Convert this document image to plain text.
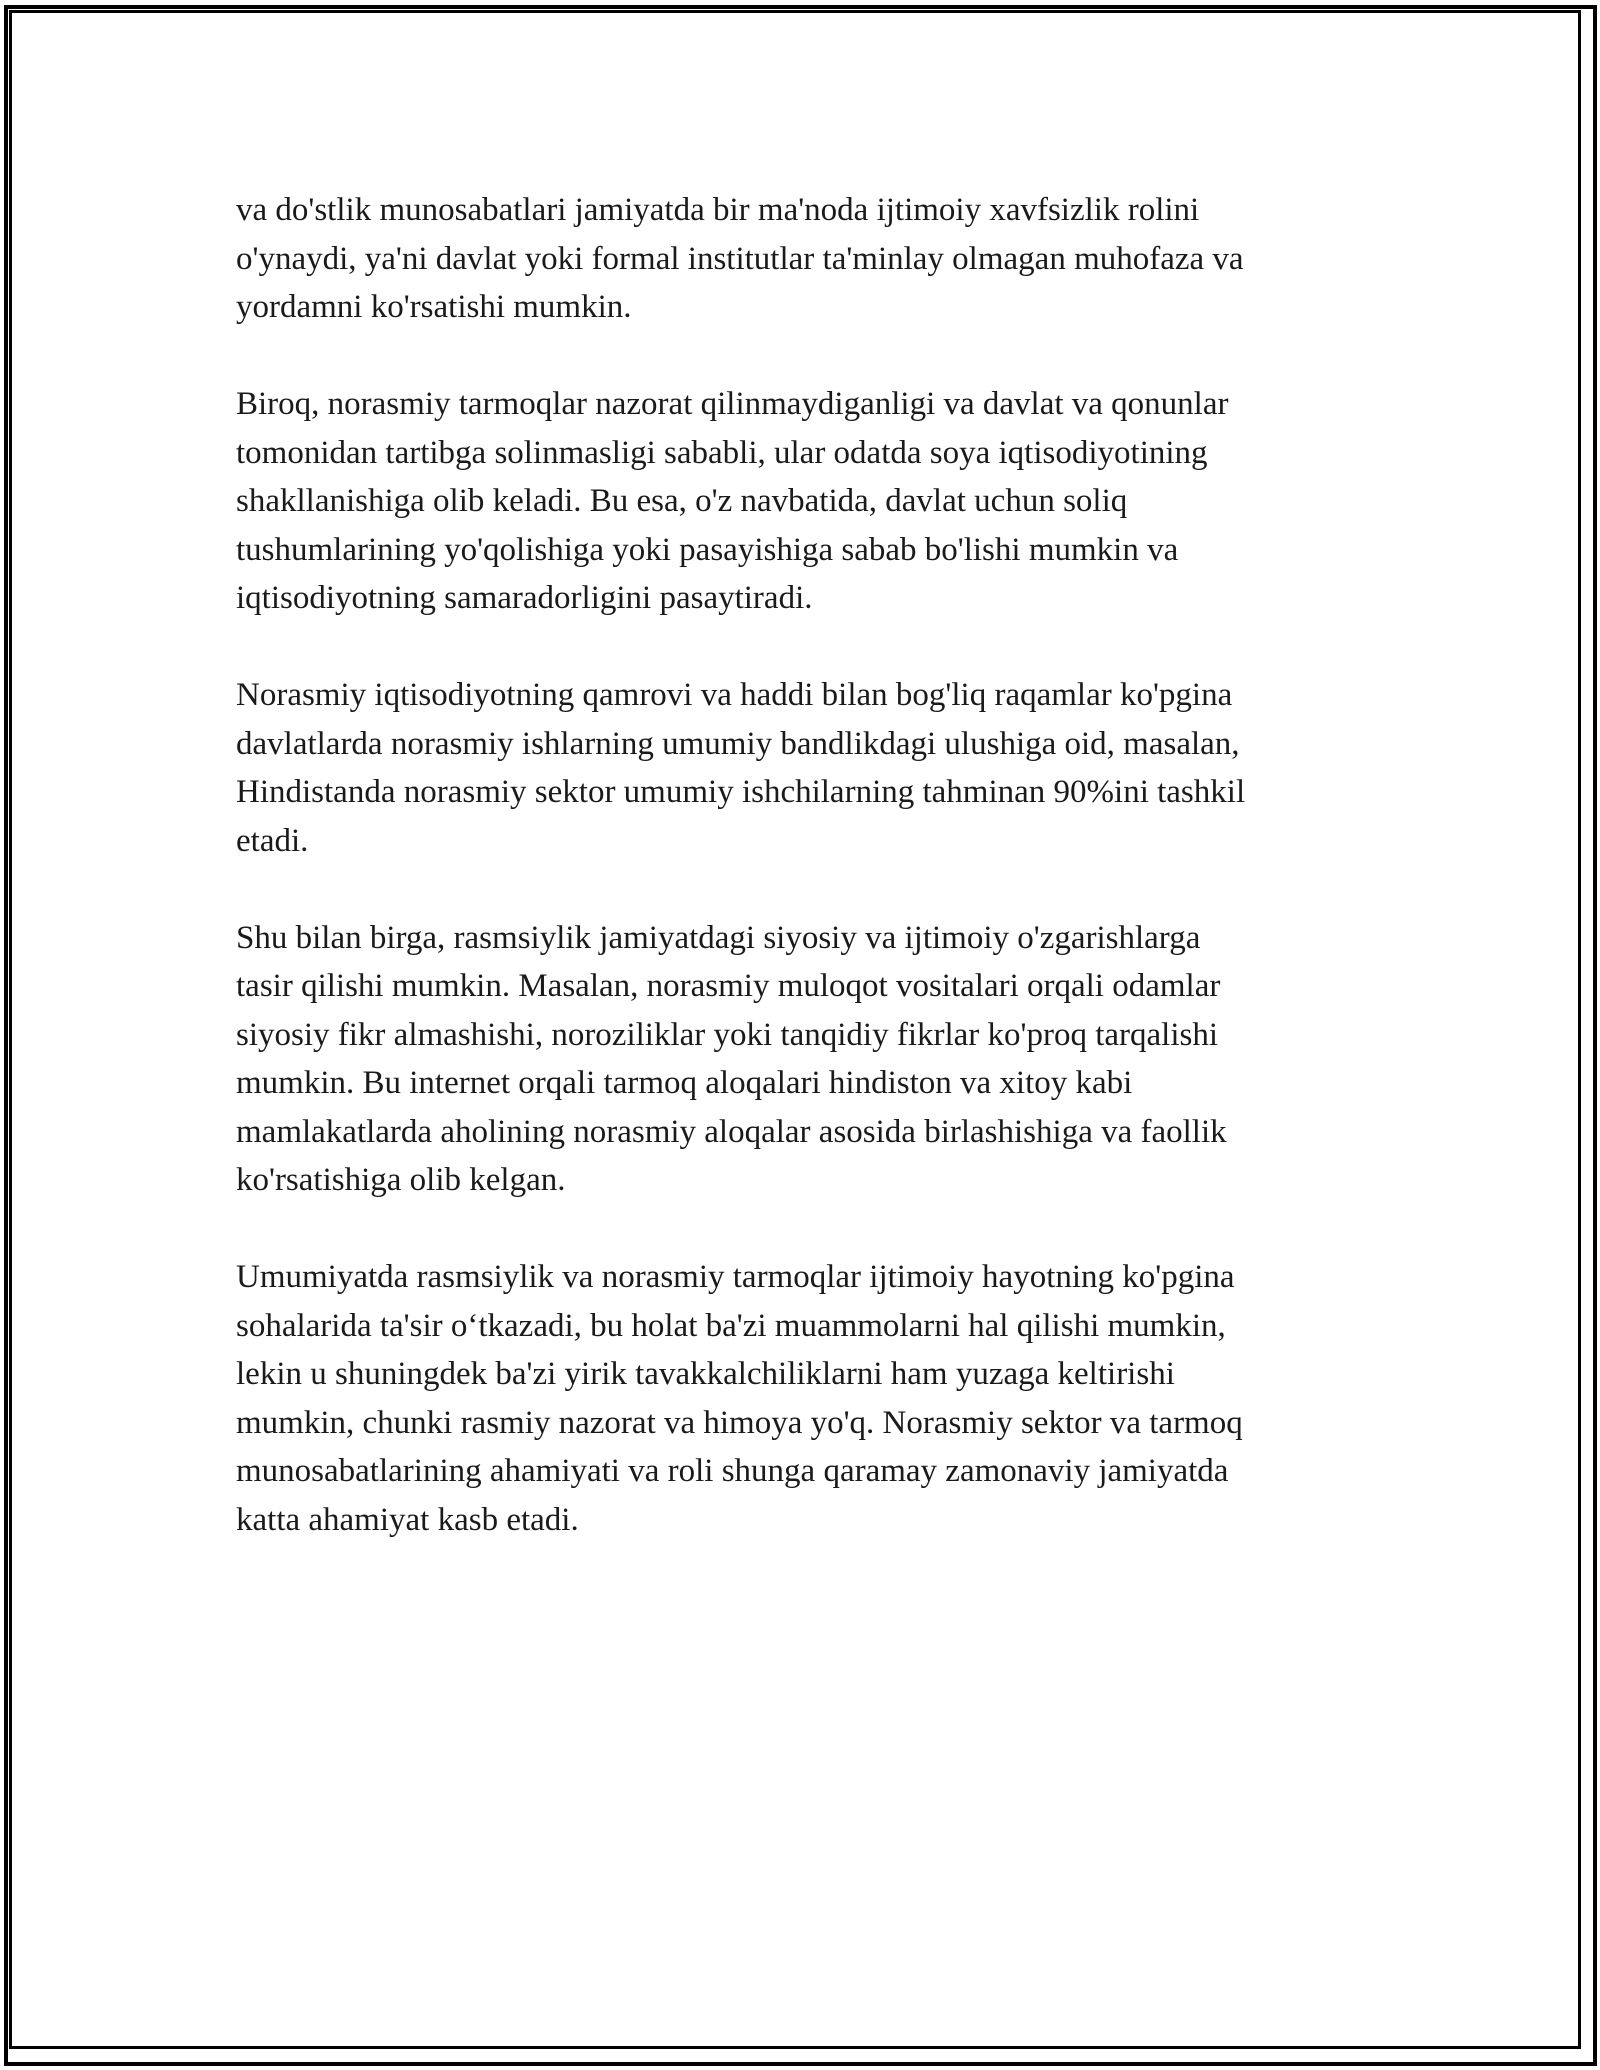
va do'stlik munosabatlari jamiyatda bir ma'noda ijtimoiy xavfsizlik rolini
o'ynaydi, ya'ni davlat yoki formal institutlar ta'minlay olmagan muhofaza va
yordamni ko'rsatishi mumkin.
Biroq, norasmiy tarmoqlar nazorat qilinmaydiganligi va davlat va qonunlar
tomonidan tartibga solinmasligi sababli, ular odatda soya iqtisodiyotining
shakllanishiga olib keladi. Bu esa, o'z navbatida, davlat uchun soliq
tushumlarining yo'qolishiga yoki pasayishiga sabab bo'lishi mumkin va
iqtisodiyotning samaradorligini pasaytiradi.
Norasmiy iqtisodiyotning qamrovi va haddi bilan bog'liq raqamlar ko'pgina
davlatlarda norasmiy ishlarning umumiy bandlikdagi ulushiga oid, masalan,
Hindistanda norasmiy sektor umumiy ishchilarning tahminan 90%ini tashkil
etadi.
Shu bilan birga, rasmsiylik jamiyatdagi siyosiy va ijtimoiy o'zgarishlarga
tasir qilishi mumkin. Masalan, norasmiy muloqot vositalari orqali odamlar
siyosiy fikr almashishi, noroziliklar yoki tanqidiy fikrlar ko'proq tarqalishi
mumkin. Bu internet orqali tarmoq aloqalari hindiston va xitoy kabi
mamlakatlarda aholining norasmiy aloqalar asosida birlashishiga va faollik
ko'rsatishiga olib kelgan.
Umumiyatda rasmsiylik va norasmiy tarmoqlar ijtimoiy hayotning ko'pgina
sohalarida ta'sir o‘tkazadi, bu holat ba'zi muammolarni hal qilishi mumkin,
lekin u shuningdek ba'zi yirik tavakkalchiliklarni ham yuzaga keltirishi
mumkin, chunki rasmiy nazorat va himoya yo'q. Norasmiy sektor va tarmoq
munosabatlarining ahamiyati va roli shunga qaramay zamonaviy jamiyatda
katta ahamiyat kasb etadi.
